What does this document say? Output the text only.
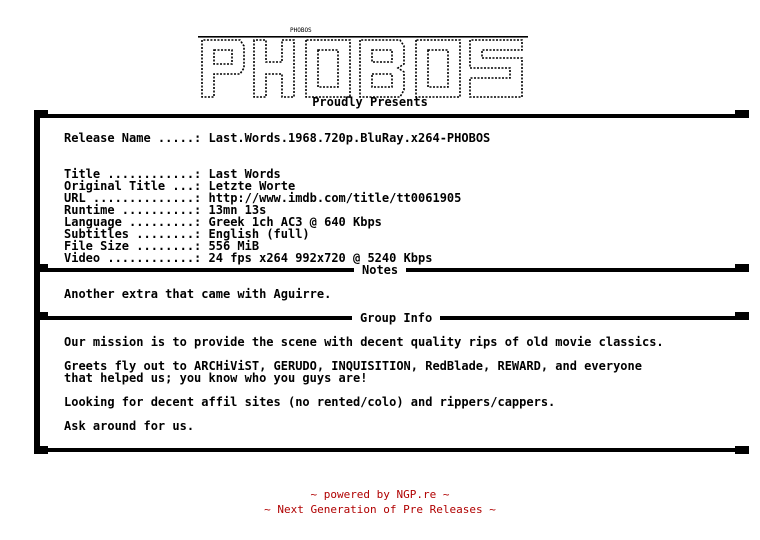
PHOBOS
Proudly Presents
Notes
Group Info
Release Name .....: Last.Words.1968.720p.BluRay.x264-PHOBOS

Title ............: Last Words
Original Title ...: Letzte Worte
URL ..............: http://www.imdb.com/title/tt0061905
Runtime ..........: 13mn 13s
Language .........: Greek 1ch AC3 @ 640 Kbps
Subtitles ........: English (full)
File Size ........: 556 MiB
Video ............: 24 fps x264 992x720 @ 5240 Kbps

Another extra that came with Aguirre.
Our mission is to provide the scene with decent quality rips of old movie classics.
Greets fly out to ARCHiViST, GERUDO, INQUISITION, RedBlade, REWARD, and everyone
that helped us; you know who you guys are!
Looking for decent affil sites (no rented/colo) and rippers/cappers.
Ask around for us.
~ powered by NGP.re ~
~ Next Generation of Pre Releases ~
